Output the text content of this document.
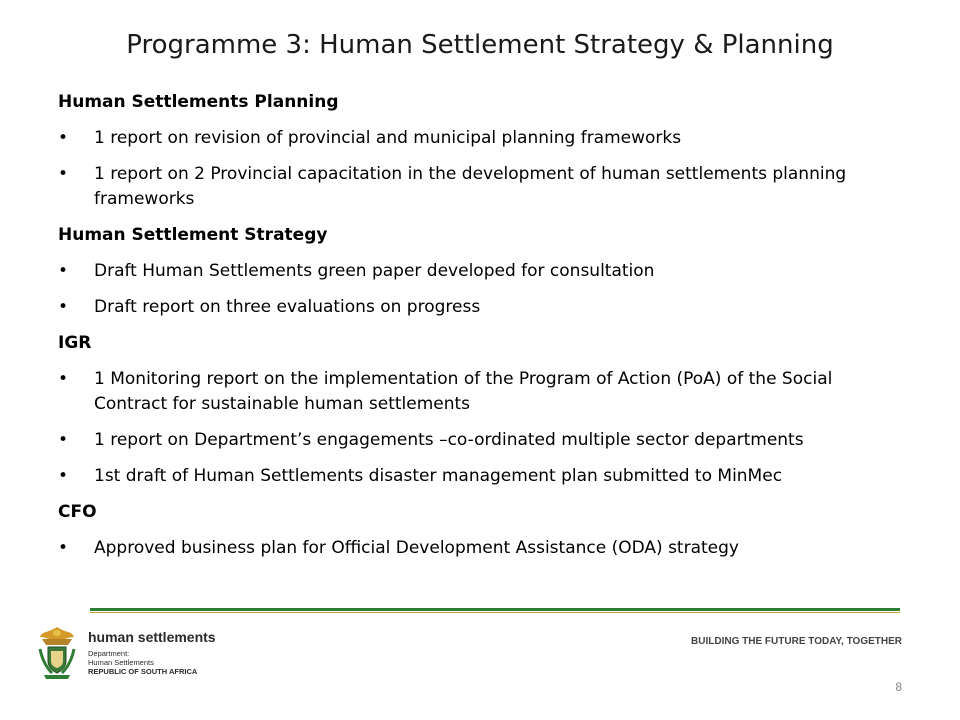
Programme 3: Human Settlement Strategy & Planning
Human Settlements Planning
• 1 report on revision of provincial and municipal planning frameworks
• 1 report on 2 Provincial capacitation in the development of human settlements planning frameworks
Human Settlement Strategy
• Draft Human Settlements green paper developed for consultation
• Draft report on three evaluations on progress
IGR
• 1 Monitoring report on the implementation of the Program of Action (PoA) of the Social Contract for sustainable human settlements
• 1 report on Department’s engagements –co-ordinated multiple sector departments
• 1st draft of Human Settlements disaster management plan submitted to MinMec
CFO
• Approved business plan for Official Development Assistance (ODA) strategy
human settlements
Department:
Human Settlements
REPUBLIC OF SOUTH AFRICA
BUILDING THE FUTURE TODAY, TOGETHER
8
